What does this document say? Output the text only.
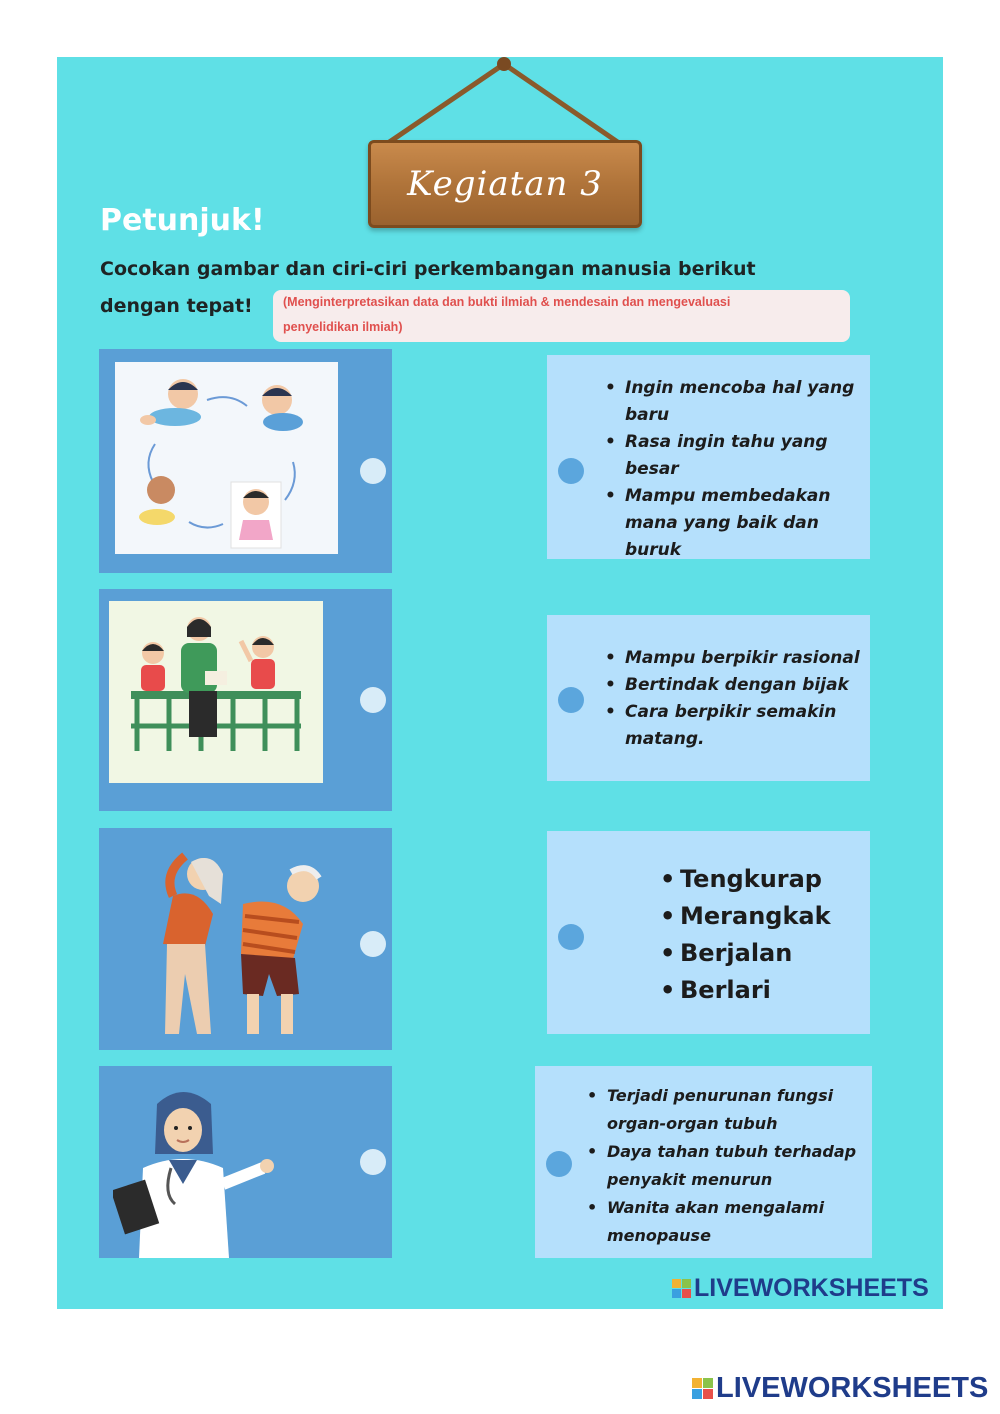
Kegiatan 3
Petunjuk!
Cocokan gambar dan ciri-ciri perkembangan manusia berikut
dengan tepat! (Menginterpretasikan data dan bukti ilmiah & mendesain dan mengevaluasi
penyelidikan ilmiah)
• Ingin mencoba hal yang
baru
• Rasa ingin tahu yang
besar
• Mampu membedakan
mana yang baik dan buruk
• Mampu berpikir rasional
• Bertindak dengan bijak
• Cara berpikir semakin
matang.
• Tengkurap
• Merangkak
• Berjalan
• Berlari
• Terjadi penurunan fungsi
organ-organ tubuh
• Daya tahan tubuh terhadap
penyakit menurun
• Wanita akan mengalami
menopause
LIVEWORKSHEETS
LIVEWORKSHEETS
